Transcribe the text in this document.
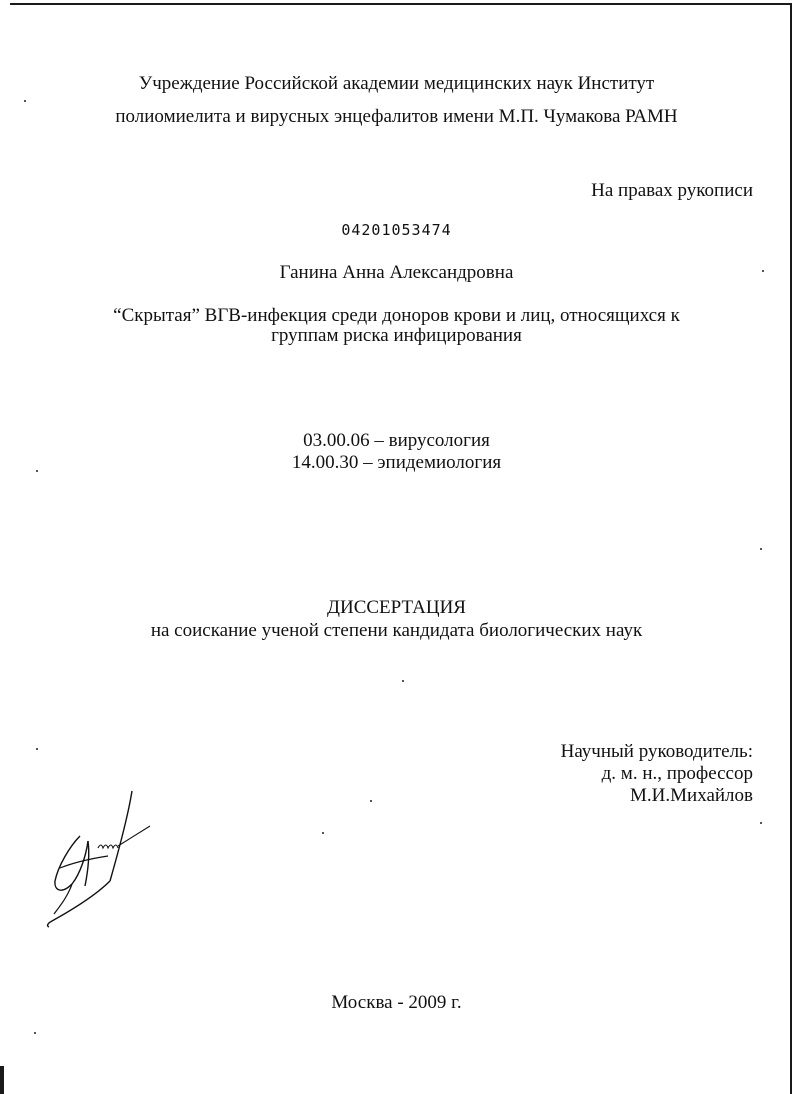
Учреждение Российской академии медицинских наук Институт
полиомиелита и вирусных энцефалитов имени М.П. Чумакова РАМН
На правах рукописи
04201053474
Ганина Анна Александровна
“Скрытая” ВГВ-инфекция среди доноров крови и лиц, относящихся к
группам риска инфицирования
03.00.06 – вирусология
14.00.30 – эпидемиология
ДИССЕРТАЦИЯ
на соискание ученой степени кандидата биологических наук
Научный руководитель:
д. м. н., профессор
М.И.Михайлов
Москва - 2009 г.
